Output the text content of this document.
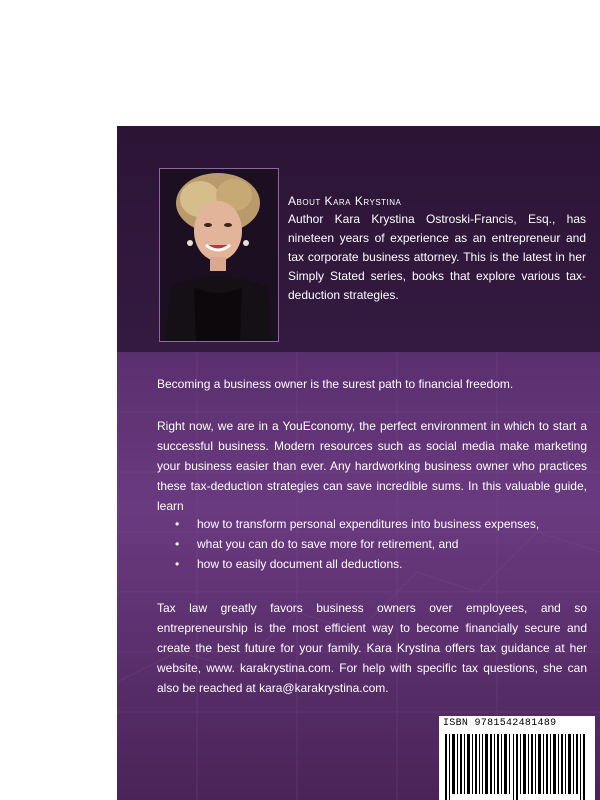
About Kara Krystina
Author Kara Krystina Ostroski-Francis, Esq., has nineteen years of experience as an entrepreneur and tax corporate business attorney. This is the latest in her Simply Stated series, books that explore various tax-deduction strategies.
Becoming a business owner is the surest path to financial freedom.
Right now, we are in a YouEconomy, the perfect environment in which to start a successful business. Modern resources such as social media make marketing your business easier than ever. Any hardworking business owner who practices these tax-deduction strategies can save incredible sums. In this valuable guide, learn
• how to transform personal expenditures into business expenses,
• what you can do to save more for retirement, and
• how to easily document all deductions.
Tax law greatly favors business owners over employees, and so entrepreneurship is the most efficient way to become financially secure and create the best future for your family. Kara Krystina offers tax guidance at her website, www. karakrystina.com. For help with specific tax questions, she can also be reached at kara@karakrystina.com.
ISBN 9781542481489
